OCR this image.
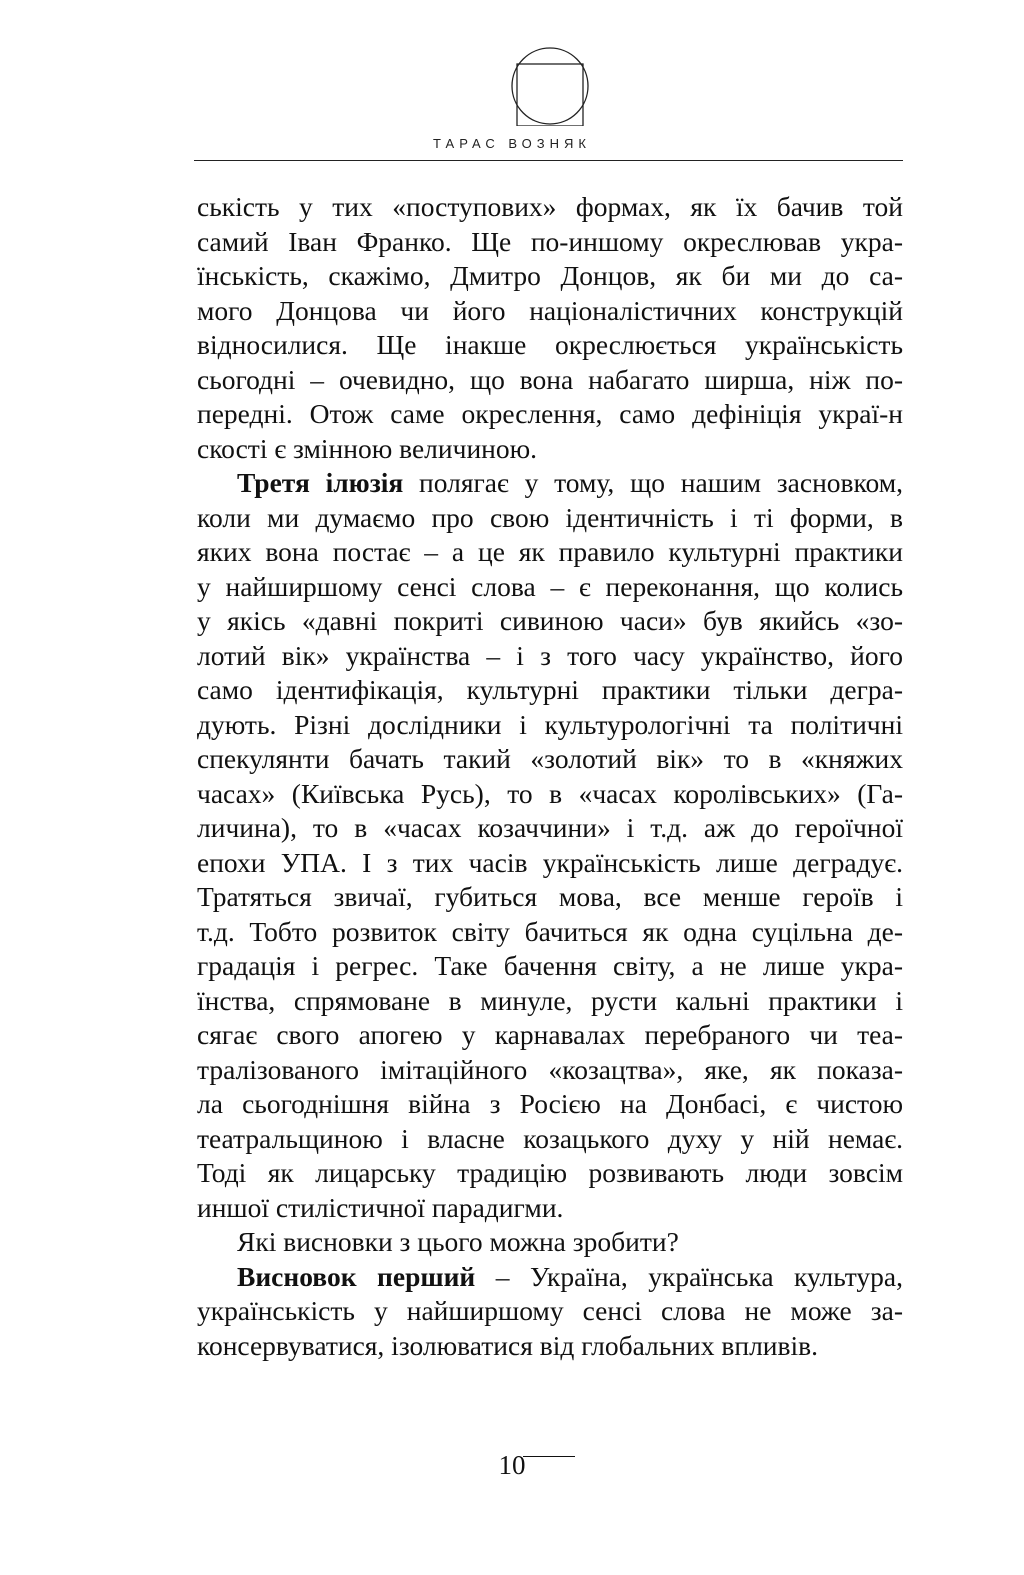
ТАРАС ВОЗНЯК
ськість у тих «поступових» формах, як їх бачив той
самий Іван Франко. Ще по-иншому окреслював укра-
їнськість, скажімо, Дмитро Донцов, як би ми до са-
мого Донцова чи його націоналістичних конструкцій
відносилися. Ще інакше окреслюється українськість
сьогодні – очевидно, що вона набагато ширша, ніж по-
передні. Отож саме окреслення, само дефініція украї-н
скості є змінною величиною.
Третя ілюзія полягає у тому, що нашим засновком,
коли ми думаємо про свою ідентичність і ті форми, в
яких вона постає – а це як правило культурні практики
у найширшому сенсі слова – є переконання, що колись
у якісь «давні покриті сивиною часи» був якийсь «зо-
лотий вік» українства – і з того часу українство, його
само ідентифікація, культурні практики тільки дегра-
дують. Різні дослідники і культурологічні та політичні
спекулянти бачать такий «золотий вік» то в «княжих
часах» (Київська Русь), то в «часах королівських» (Га-
личина), то в «часах козаччини» і т.д. аж до героїчної
епохи УПА. І з тих часів українськість лише деградує.
Тратяться звичаї, губиться мова, все менше героїв і
т.д. Тобто розвиток світу бачиться як одна суцільна де-
градація і регрес. Таке бачення світу, а не лише укра-
їнства, спрямоване в минуле, русти кальні практики і
сягає свого апогею у карнавалах перебраного чи теа-
тралізованого імітаційного «козацтва», яке, як показа-
ла сьогоднішня війна з Росією на Донбасі, є чистою
театральщиною і власне козацького духу у ній немає.
Тоді як лицарську традицію розвивають люди зовсім
иншої стилістичної парадигми.
Які висновки з цього можна зробити?
Висновок перший – Україна, українська культура,
українськість у найширшому сенсі слова не може за-
консервуватися, ізолюватися від глобальних впливів.
10
